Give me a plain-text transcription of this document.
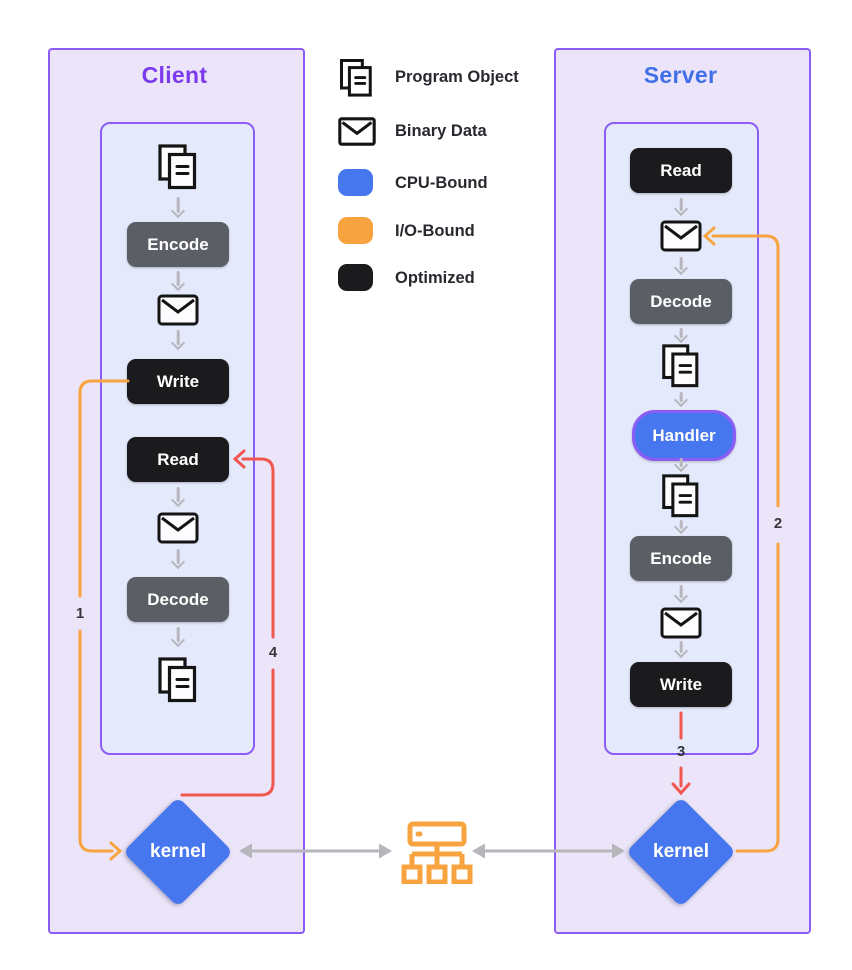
Client
Encode
Write
Read
Decode
kernel
Program Object
Binary Data
CPU-Bound
I/O-Bound
Optimized
Server
Read
Decode
Handler
Encode
Write
kernel
1
2
3
4
